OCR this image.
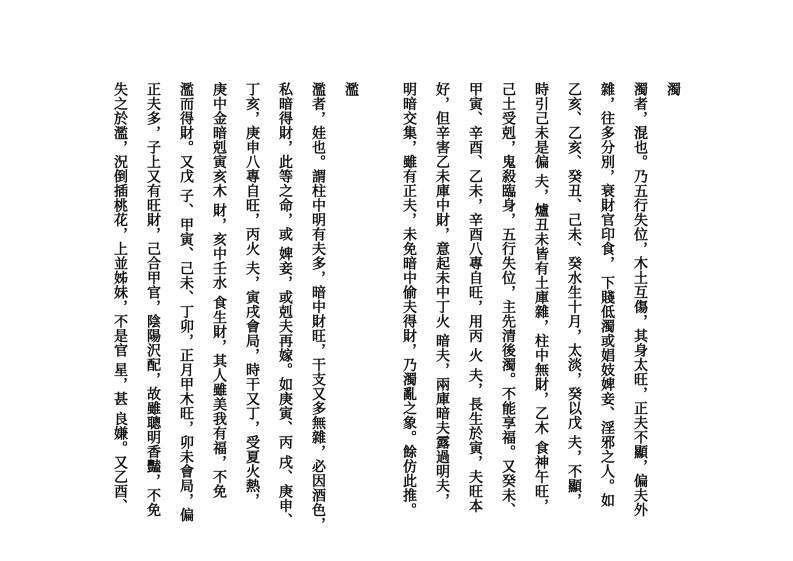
濁
濁者，混也。乃五行失位，木土互傷，其身太旺，正夫不顯，偏夫外
雜，往多分別，衰財官印食， 下賤低濁或娼妓婢妾、淫邪之人。如
乙亥、乙亥、癸丑、己未、癸水生十月，太淡，癸以戊 夫，不顯，
時引己未是偏 夫，爐丑未皆有土庫雜，柱中無財，乙木 食神午旺，
己土受剋，鬼殺臨身，五行失位，主先清後濁。不能享福。又癸未、
甲寅、辛酉、乙未，辛酉八專自旺，用丙 火 夫，長生於寅，夫旺本
好，但辛害乙未庫中財，意起未中丁火 暗夫，兩庫暗夫露過明夫，
明暗交集，雖有正夫，未免暗中偷夫得財，乃濁亂之象。餘仿此推。
濫
濫者，娃也。謂柱中明有夫多，暗中財旺，干支又多無雜，必因酒色，
私暗得財，此等之命，或 婢妾，或剋夫再嫁。如庚寅、丙 戌、庚申、
丁亥，庚申八專自旺，丙火 夫，寅戌會局，時干又丁，受夏火熱，
庚中金暗剋寅亥木 財，亥中壬水 食生財，其人雖美我有福，不免
濫而得財。又戊 子、甲寅、己未、丁卯，正月甲木旺，卯未會局，偏
正夫多，子上又有旺財，己合甲官，陰陽沢配，故雖聰明香豔，不免
失之於濫，況倒插桃花，上並姊妹，不是官 星，甚 良嫌。又乙酉、
